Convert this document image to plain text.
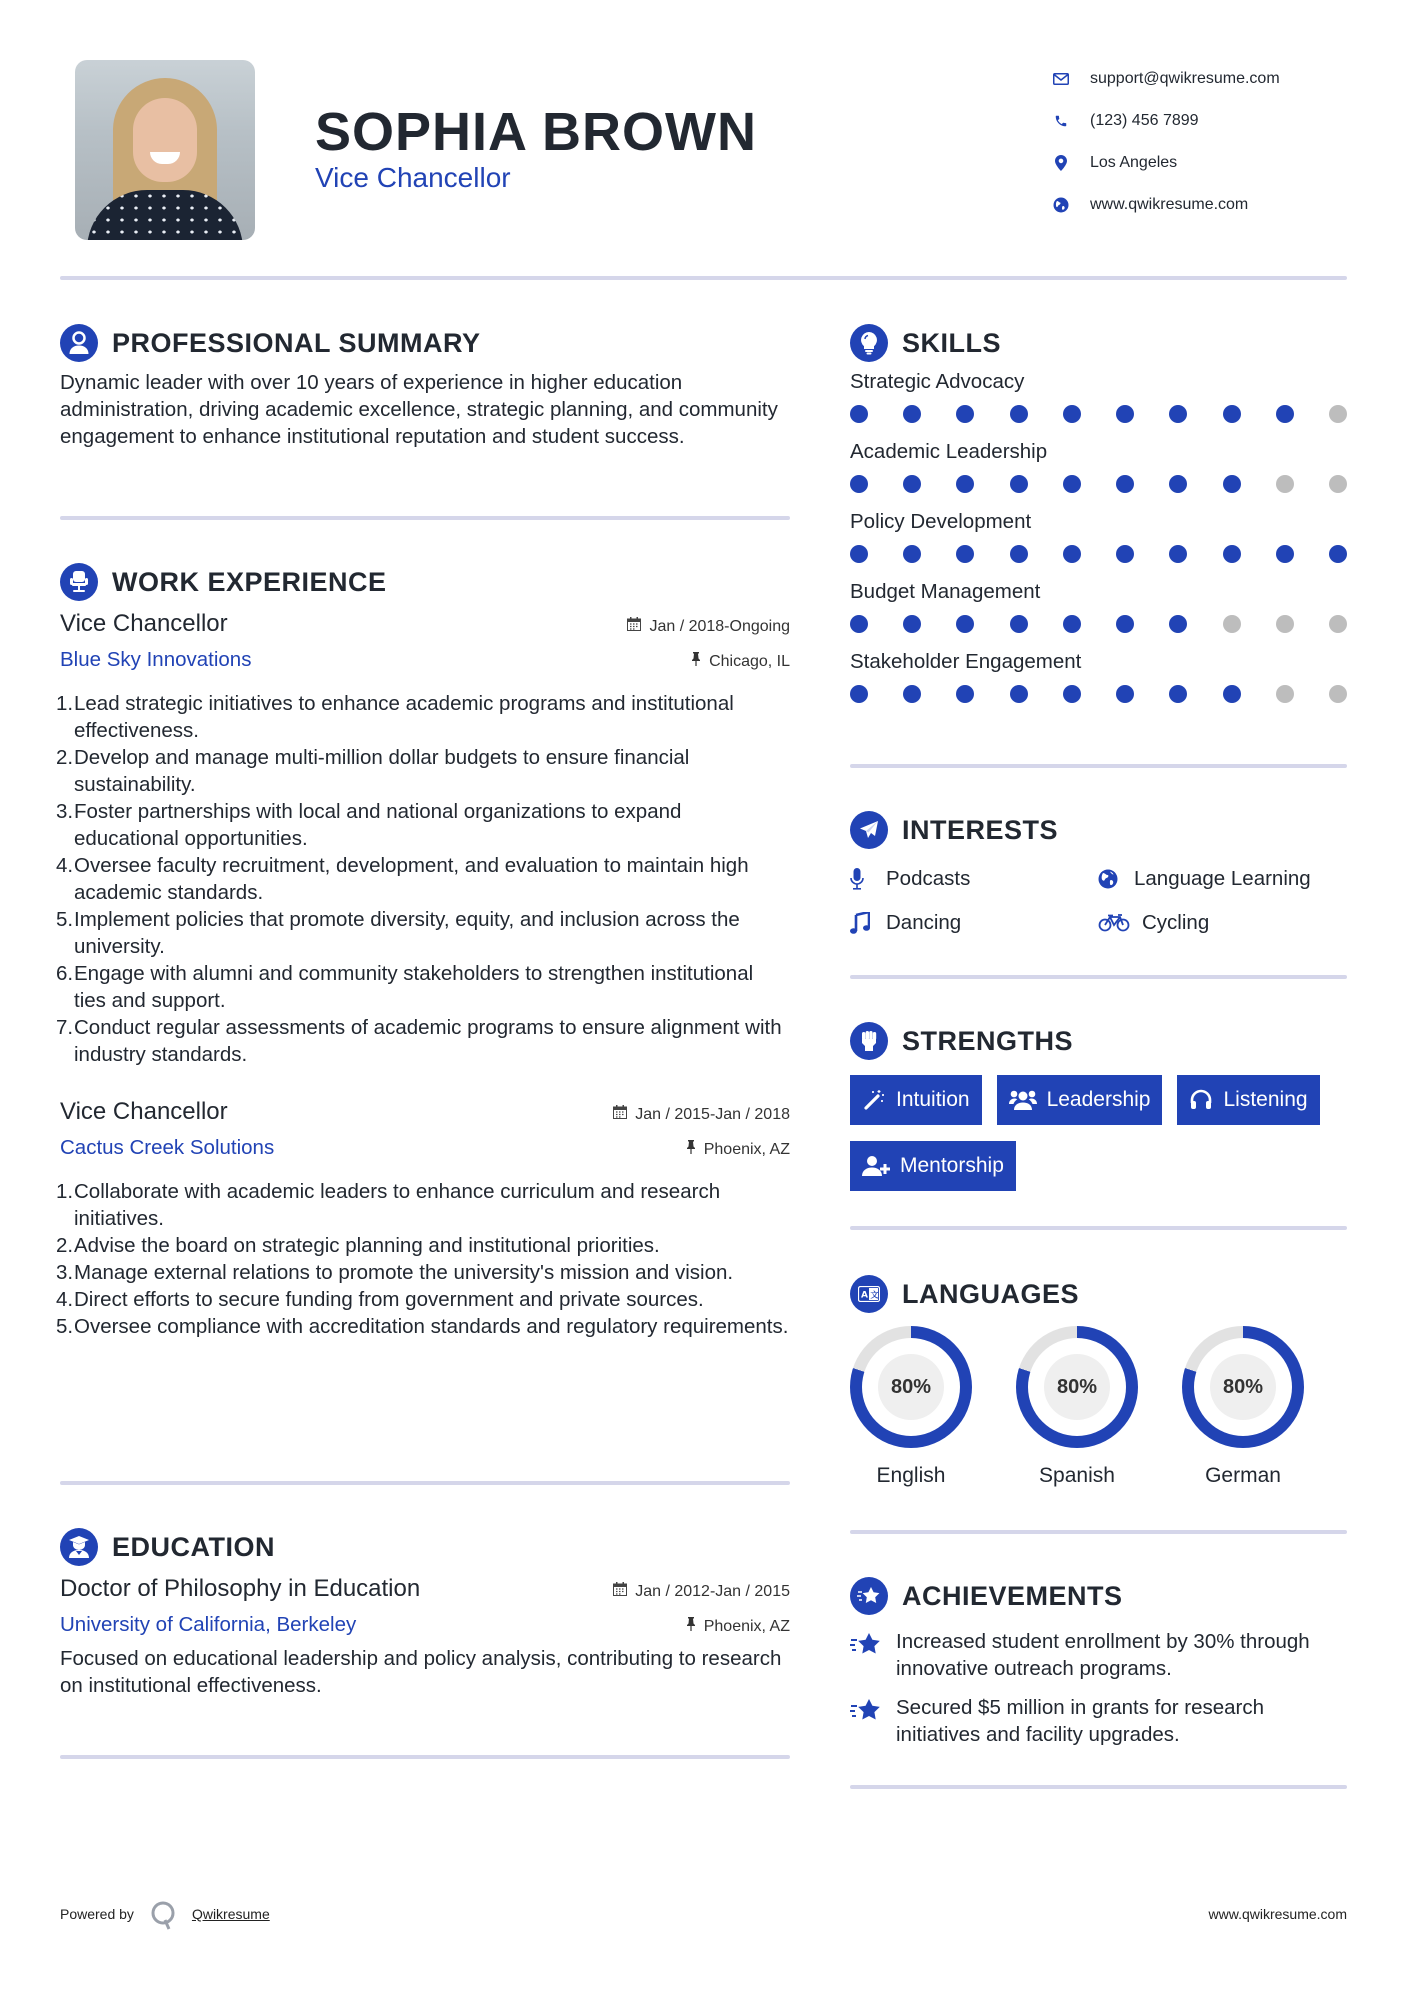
SOPHIA BROWN
Vice Chancellor
support@qwikresume.com
(123) 456 7899
Los Angeles
www.qwikresume.com
PROFESSIONAL SUMMARY

Dynamic leader with over 10 years of experience in higher education administration, driving academic excellence, strategic planning, and community engagement to enhance institutional reputation and student success.

WORK EXPERIENCE
Vice Chancellor	Jan / 2018-Ongoing
Blue Sky Innovations	Chicago, IL
1. Lead strategic initiatives to enhance academic programs and institutional effectiveness.
2. Develop and manage multi-million dollar budgets to ensure financial sustainability.
3. Foster partnerships with local and national organizations to expand educational opportunities.
4. Oversee faculty recruitment, development, and evaluation to maintain high academic standards.
5. Implement policies that promote diversity, equity, and inclusion across the university.
6. Engage with alumni and community stakeholders to strengthen institutional ties and support.
7. Conduct regular assessments of academic programs to ensure alignment with industry standards.
Vice Chancellor	Jan / 2015-Jan / 2018
Cactus Creek Solutions	Phoenix, AZ
1. Collaborate with academic leaders to enhance curriculum and research initiatives.
2. Advise the board on strategic planning and institutional priorities.
3. Manage external relations to promote the university's mission and vision.
4. Direct efforts to secure funding from government and private sources.
5. Oversee compliance with accreditation standards and regulatory requirements.
EDUCATION
Doctor of Philosophy in Education	Jan / 2012-Jan / 2015
University of California, Berkeley	Phoenix, AZ

Focused on educational leadership and policy analysis, contributing to research on institutional effectiveness.

SKILLS
Strategic Advocacy
Academic Leadership
Policy Development
Budget Management
Stakeholder Engagement
INTERESTS
Podcasts	Language Learning
Dancing	Cycling
STRENGTHS
Intuition	Leadership	Listening
Mentorship
A 文 LANGUAGES
80%
English
80%
Spanish
80%
German
ACHIEVEMENTS
Increased student enrollment by 30% through innovative outreach programs.
Secured $5 million in grants for research initiatives and facility upgrades.
Powered by	Qwikresume	www.qwikresume.com
